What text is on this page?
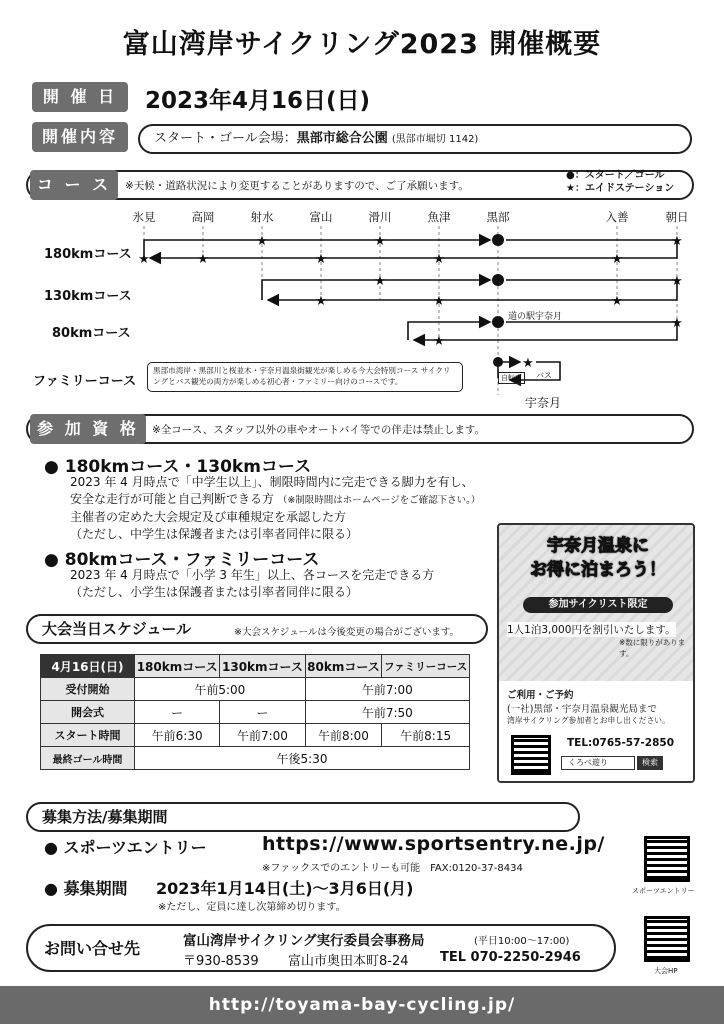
富山湾岸サイクリング2023 開催概要
開 催 日	2023年4月16日(日)
開催内容	スタート・ゴール会場：黒部市総合公園 (黒部市堀切 1142)
コ ー ス	※天候・道路状況により変更することがありますので、ご了承願います。
●：スタート／ゴール
★：エイドステーション
氷見	高岡	射水	富山	滑川	魚津	黒部	入善	朝日
180kmコース
130kmコース
80kmコース
ファミリーコース
★	★	★
★	★	★	★	★
★	★
★	★	★
★
★
★
道の駅宇奈月
黒部市湾岸・黒部川と桜並木・宇奈月温泉街観光が楽しめる今大会特別コース サイクリングとバス観光の両方が楽しめる初心者・ファミリー向けのコースです。	自転車	バス
宇奈月
参 加 資 格	※全コース、スタッフ以外の車やオートバイ等での伴走は禁止します。
● 180kmコース・130kmコース
2023 年 4 月時点で「中学生以上」、制限時間内に完走できる脚力を有し、
安全な走行が可能と自己判断できる方 （※制限時間はホームページをご確認下さい。）
主催者の定めた大会規定及び車種規定を承認した方
（ただし、中学生は保護者または引率者同伴に限る）
● 80kmコース・ファミリーコース
2023 年 4 月時点で「小学 3 年生」以上、各コースを完走できる方
（ただし、小学生は保護者または引率者同伴に限る）
大会当日スケジュール	※大会スケジュールは今後変更の場合がございます。
4月16日(日)	180kmコース	130kmコース	80kmコース	ファミリーコース
受付開始	午前5:00		午前7:00	
開会式	ー	ー	午前7:50	
スタート時間	午前6:30	午前7:00	午前8:00	午前8:15
最終ゴール時間	午後5:30			
宇奈月温泉に
お得に泊まろう！
参加サイクリスト限定
1人1泊3,000円を割引いたします。
※数に限りがあります。
ご利用・ご予約
(一社)黒部・宇奈月温泉観光局まで
湾岸サイクリング参加者とお申し出ください。
TEL:0765-57-2850
くろべ遊り	検索
募集方法/募集期間
● スポーツエントリー	https://www.sportsentry.ne.jp/
※ファックスでのエントリーも可能　FAX:0120-37-8434
● 募集期間 2023年1月14日(土)～3月6日(月)
※ただし、定員に達し次第締め切ります。
スポーツエントリー
お問い合せ先	富山湾岸サイクリング実行委員会事務局	(平日10:00～17:00)
〒930-8539 富山市奥田本町8-24 TEL 070-2250-2946
大会HP
http://toyama-bay-cycling.jp/
